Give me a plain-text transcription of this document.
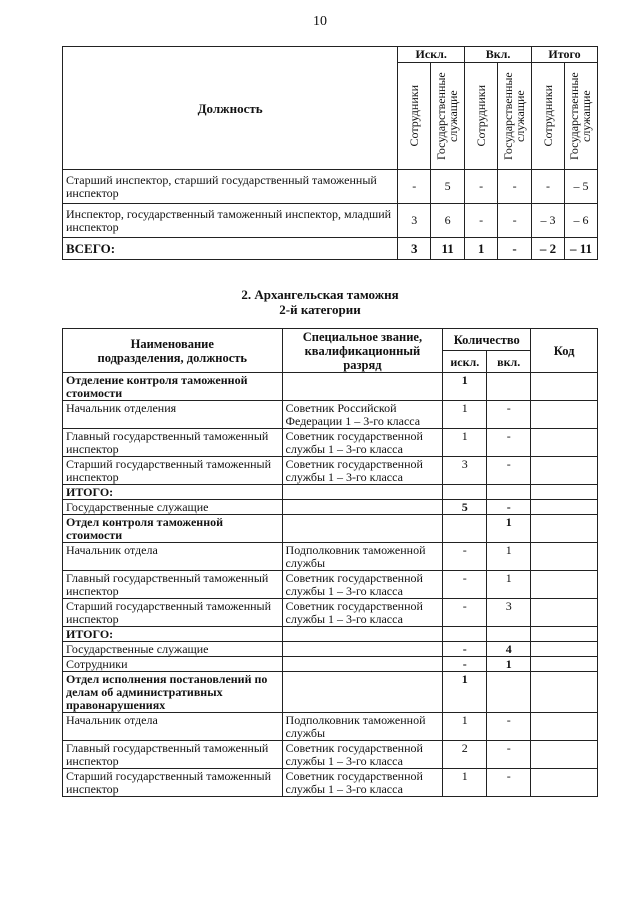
10
Должность	Искл.		Вкл.		Итого	

	Сотрудники	Государственные служащие	Сотрудники	Государственные служащие	Сотрудники	Государственные служащие

Старший инспектор, старший государственный таможенный инспектор	-	5	-	-	-	– 5
Инспектор, государственный таможенный инспектор, младший инспектор	3	6	-	-	– 3	– 6
ВСЕГО:	3	11	1	-	– 2	– 11
2. Архангельская таможня
2-й категории
Наименование подразделения, должность	Специальное звание, квалификационный разряд	Количество		Код
		искл.	вкл.	
Отделение контроля таможенной стоимости		1		
Начальник отделения	Советник Российской Федерации 1 – 3-го класса	1	-	
Главный государственный таможенный инспектор	Советник государственной службы 1 – 3-го класса	1	-	
Старший государственный таможенный инспектор	Советник государственной службы 1 – 3-го класса	3	-	
ИТОГО:				
Государственные служащие		5	-	
Отдел контроля таможенной стоимости			1	
Начальник отдела	Подполковник таможенной службы	-	1	
Главный государственный таможенный инспектор	Советник государственной службы 1 – 3-го класса	-	1	
Старший государственный таможенный инспектор	Советник государственной службы 1 – 3-го класса	-	3	
ИТОГО:				
Государственные служащие		-	4	
Сотрудники		-	1	
Отдел исполнения постановлений по делам об административных правонарушениях		1		
Начальник отдела	Подполковник таможенной службы	1	-	
Главный государственный таможенный инспектор	Советник государственной службы 1 – 3-го класса	2	-	
Старший государственный таможенный инспектор	Советник государственной службы 1 – 3-го класса	1	-	
